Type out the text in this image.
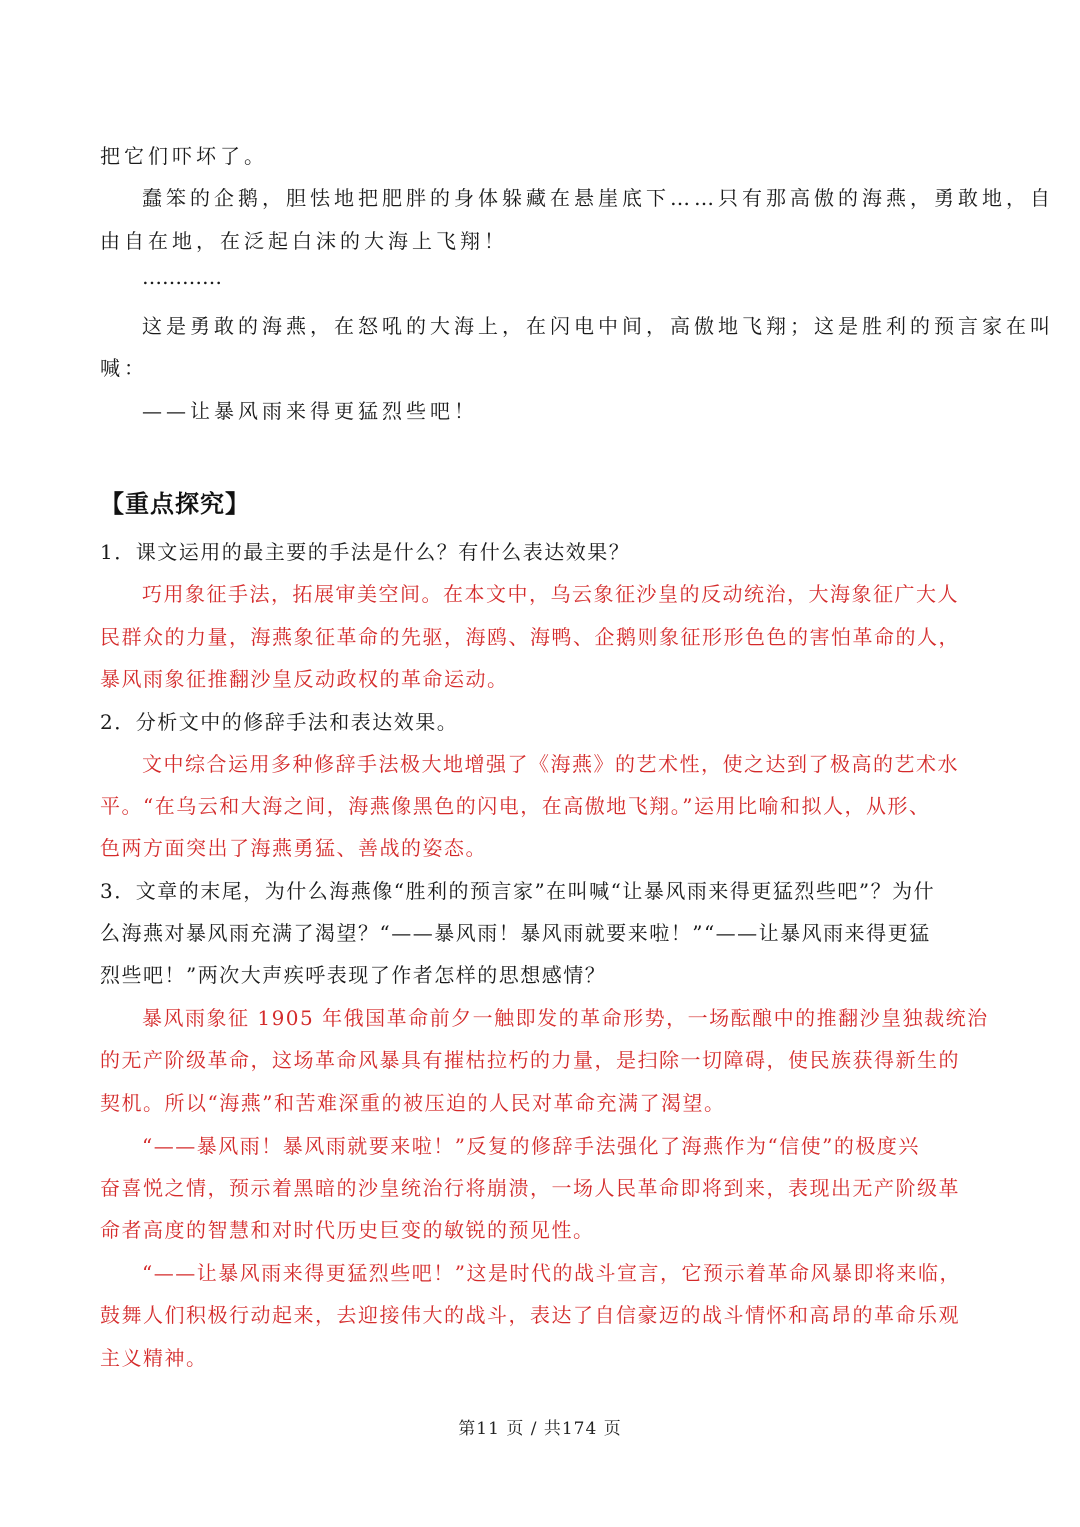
把它们吓坏了。

蠢笨的企鹅，胆怯地把肥胖的身体躲藏在悬崖底下……只有那高傲的海燕，勇敢地，自

由自在地，在泛起白沫的大海上飞翔！

…………

这是勇敢的海燕，在怒吼的大海上，在闪电中间，高傲地飞翔；这是胜利的预言家在叫

喊：

——让暴风雨来得更猛烈些吧！

【重点探究】

1．课文运用的最主要的手法是什么？有什么表达效果？

巧用象征手法，拓展审美空间。在本文中，乌云象征沙皇的反动统治，大海象征广大人

民群众的力量，海燕象征革命的先驱，海鸥、海鸭、企鹅则象征形形色色的害怕革命的人，

暴风雨象征推翻沙皇反动政权的革命运动。

2．分析文中的修辞手法和表达效果。

文中综合运用多种修辞手法极大地增强了《海燕》的艺术性，使之达到了极高的艺术水

平。“在乌云和大海之间，海燕像黑色的闪电，在高傲地飞翔。”运用比喻和拟人，从形、

色两方面突出了海燕勇猛、善战的姿态。

3．文章的末尾，为什么海燕像“胜利的预言家”在叫喊“让暴风雨来得更猛烈些吧”？为什

么海燕对暴风雨充满了渴望？“——暴风雨！暴风雨就要来啦！”“——让暴风雨来得更猛

烈些吧！”两次大声疾呼表现了作者怎样的思想感情？

暴风雨象征 1905 年俄国革命前夕一触即发的革命形势，一场酝酿中的推翻沙皇独裁统治

的无产阶级革命，这场革命风暴具有摧枯拉朽的力量，是扫除一切障碍，使民族获得新生的

契机。所以“海燕”和苦难深重的被压迫的人民对革命充满了渴望。

“——暴风雨！暴风雨就要来啦！”反复的修辞手法强化了海燕作为“信使”的极度兴

奋喜悦之情，预示着黑暗的沙皇统治行将崩溃，一场人民革命即将到来，表现出无产阶级革

命者高度的智慧和对时代历史巨变的敏锐的预见性。

“——让暴风雨来得更猛烈些吧！”这是时代的战斗宣言，它预示着革命风暴即将来临，

鼓舞人们积极行动起来，去迎接伟大的战斗，表达了自信豪迈的战斗情怀和高昂的革命乐观

主义精神。

第11 页 / 共174 页
